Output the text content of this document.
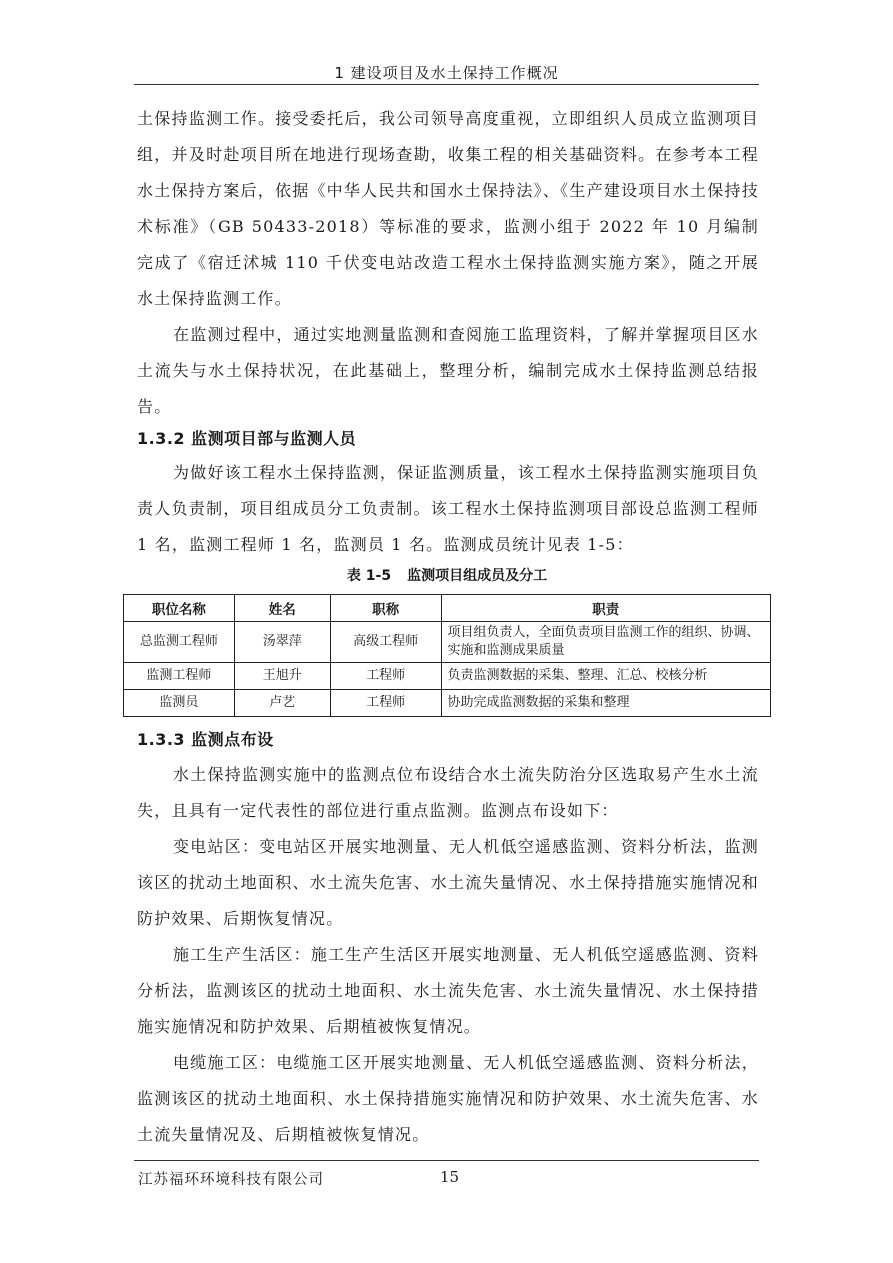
1 建设项目及水土保持工作概况

土保持监测工作。接受委托后，我公司领导高度重视，立即组织人员成立监测项目组，并及时赴项目所在地进行现场查勘，收集工程的相关基础资料。在参考本工程水土保持方案后，依据《中华人民共和国水土保持法》、《生产建设项目水土保持技术标准》（GB 50433-2018）等标准的要求，监测小组于 2022 年 10 月编制完成了《宿迁沭城 110 千伏变电站改造工程水土保持监测实施方案》，随之开展水土保持监测工作。

在监测过程中，通过实地测量监测和查阅施工监理资料，了解并掌握项目区水土流失与水土保持状况，在此基础上，整理分析，编制完成水土保持监测总结报告。

1.3.2 监测项目部与监测人员

为做好该工程水土保持监测，保证监测质量，该工程水土保持监测实施项目负责人负责制，项目组成员分工负责制。该工程水土保持监测项目部设总监测工程师 1 名，监测工程师 1 名，监测员 1 名。监测成员统计见表 1-5：

表 1-5 监测项目组成员及分工
职位名称	姓名	职称	职责
总监测工程师	汤翠萍	高级工程师	项目组负责人，全面负责项目监测工作的组织、协调、实施和监测成果质量
监测工程师	王旭升	工程师	负责监测数据的采集、整理、汇总、校核分析
监测员	卢艺	工程师	协助完成监测数据的采集和整理
1.3.3 监测点布设

水土保持监测实施中的监测点位布设结合水土流失防治分区选取易产生水土流失，且具有一定代表性的部位进行重点监测。监测点布设如下：

变电站区：变电站区开展实地测量、无人机低空遥感监测、资料分析法，监测该区的扰动土地面积、水土流失危害、水土流失量情况、水土保持措施实施情况和防护效果、后期恢复情况。

施工生产生活区：施工生产生活区开展实地测量、无人机低空遥感监测、资料分析法，监测该区的扰动土地面积、水土流失危害、水土流失量情况、水土保持措施实施情况和防护效果、后期植被恢复情况。

电缆施工区：电缆施工区开展实地测量、无人机低空遥感监测、资料分析法，监测该区的扰动土地面积、水土保持措施实施情况和防护效果、水土流失危害、水土流失量情况及、后期植被恢复情况。

江苏福环环境科技有限公司	15
